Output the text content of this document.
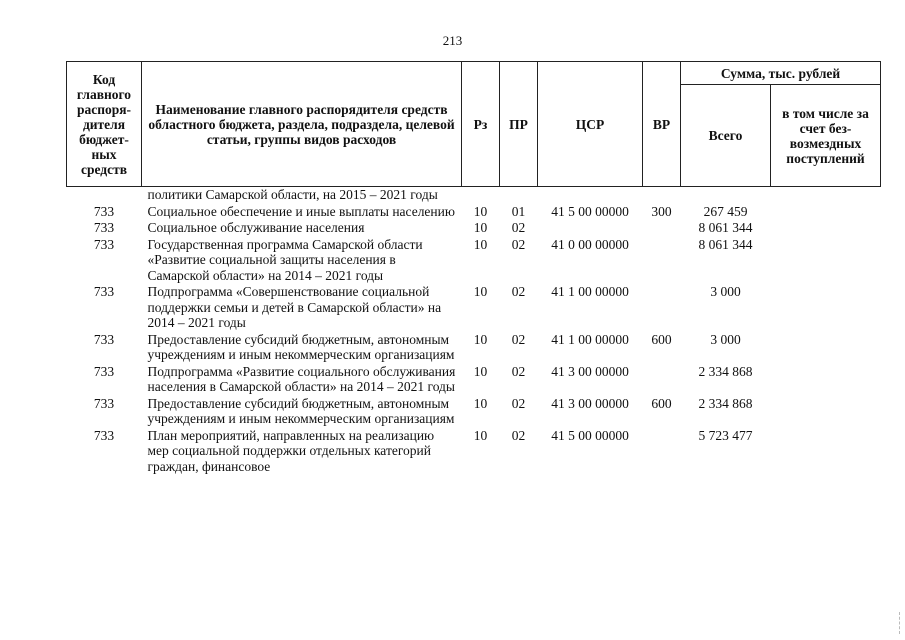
213
Код главного распоря-дителя бюджет-ных средств	Наименование главного распорядителя средств областного бюджета, раздела, подраздела, целевой статьи, группы видов расходов	Рз	ПР	ЦСР	ВР	Сумма, тыс. рублей	
						Всего	в том числе за счет без-возмездных поступлений
	политики Самарской области, на 2015 – 2021 годы						
733	Социальное обеспечение и иные выплаты населению	10	01	41 5 00 00000	300	267 459	
733	Социальное обслуживание населения	10	02			8 061 344	
733	Государственная программа Самарской области «Развитие социальной защиты населения в Самарской области» на 2014 – 2021 годы	10	02	41 0 00 00000		8 061 344	
733	Подпрограмма «Совершенствование социальной поддержки семьи и детей в Самарской области» на 2014 – 2021 годы	10	02	41 1 00 00000		3 000	
733	Предоставление субсидий бюджетным, автономным учреждениям и иным некоммерческим организациям	10	02	41 1 00 00000	600	3 000	
733	Подпрограмма «Развитие социального обслуживания населения в Самарской области» на 2014 – 2021 годы	10	02	41 3 00 00000		2 334 868	
733	Предоставление субсидий бюджетным, автономным учреждениям и иным некоммерческим организациям	10	02	41 3 00 00000	600	2 334 868	
733	План мероприятий, направленных на реализацию мер социальной поддержки отдельных категорий граждан, финансовое	10	02	41 5 00 00000		5 723 477	
